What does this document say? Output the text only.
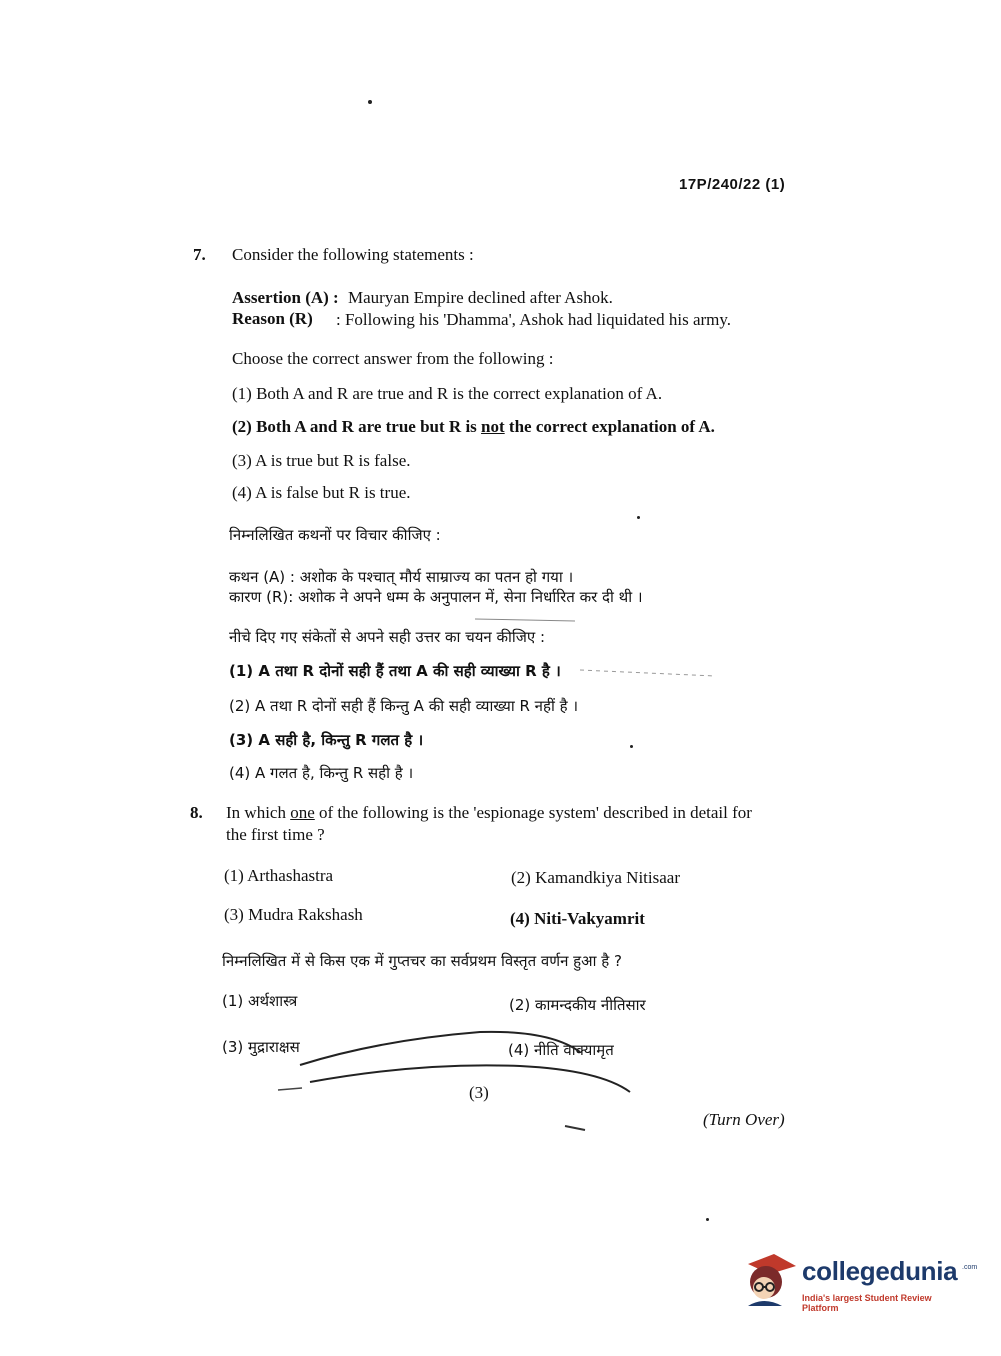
17P/240/22 (1)
7. Consider the following statements :
Assertion (A) : Mauryan Empire declined after Ashok.
Reason (R) : Following his 'Dhamma', Ashok had liquidated his army.
Choose the correct answer from the following :
(1) Both A and R are true and R is the correct explanation of A.
(2) Both A and R are true but R is not the correct explanation of A.
(3) A is true but R is false.
(4) A is false but R is true.
निम्नलिखित कथनों पर विचार कीजिए :
कथन (A) : अशोक के पश्चात् मौर्य साम्राज्य का पतन हो गया ।
कारण (R): अशोक ने अपने धम्म के अनुपालन में, सेना निर्धारित कर दी थी ।
नीचे दिए गए संकेतों से अपने सही उत्तर का चयन कीजिए :
(1) A तथा R दोनों सही हैं तथा A की सही व्याख्या R है ।
(2) A तथा R दोनों सही हैं किन्तु A की सही व्याख्या R नहीं है ।
(3) A सही है, किन्तु R गलत है ।
(4) A गलत है, किन्तु R सही है ।
8. In which one of the following is the 'espionage system' described in detail for
the first time ?
(1) Arthashastra	(2) Kamandkiya Nitisaar
(3) Mudra Rakshash	(4) Niti-Vakyamrit
निम्नलिखित में से किस एक में गुप्तचर का सर्वप्रथम विस्तृत वर्णन हुआ है ?
(1) अर्थशास्त्र	(2) कामन्दकीय नीतिसार
(3) मुद्राराक्षस	(4) नीति वाक्यामृत
(3)
(Turn Over)
collegedunia .com
India's largest Student Review Platform
